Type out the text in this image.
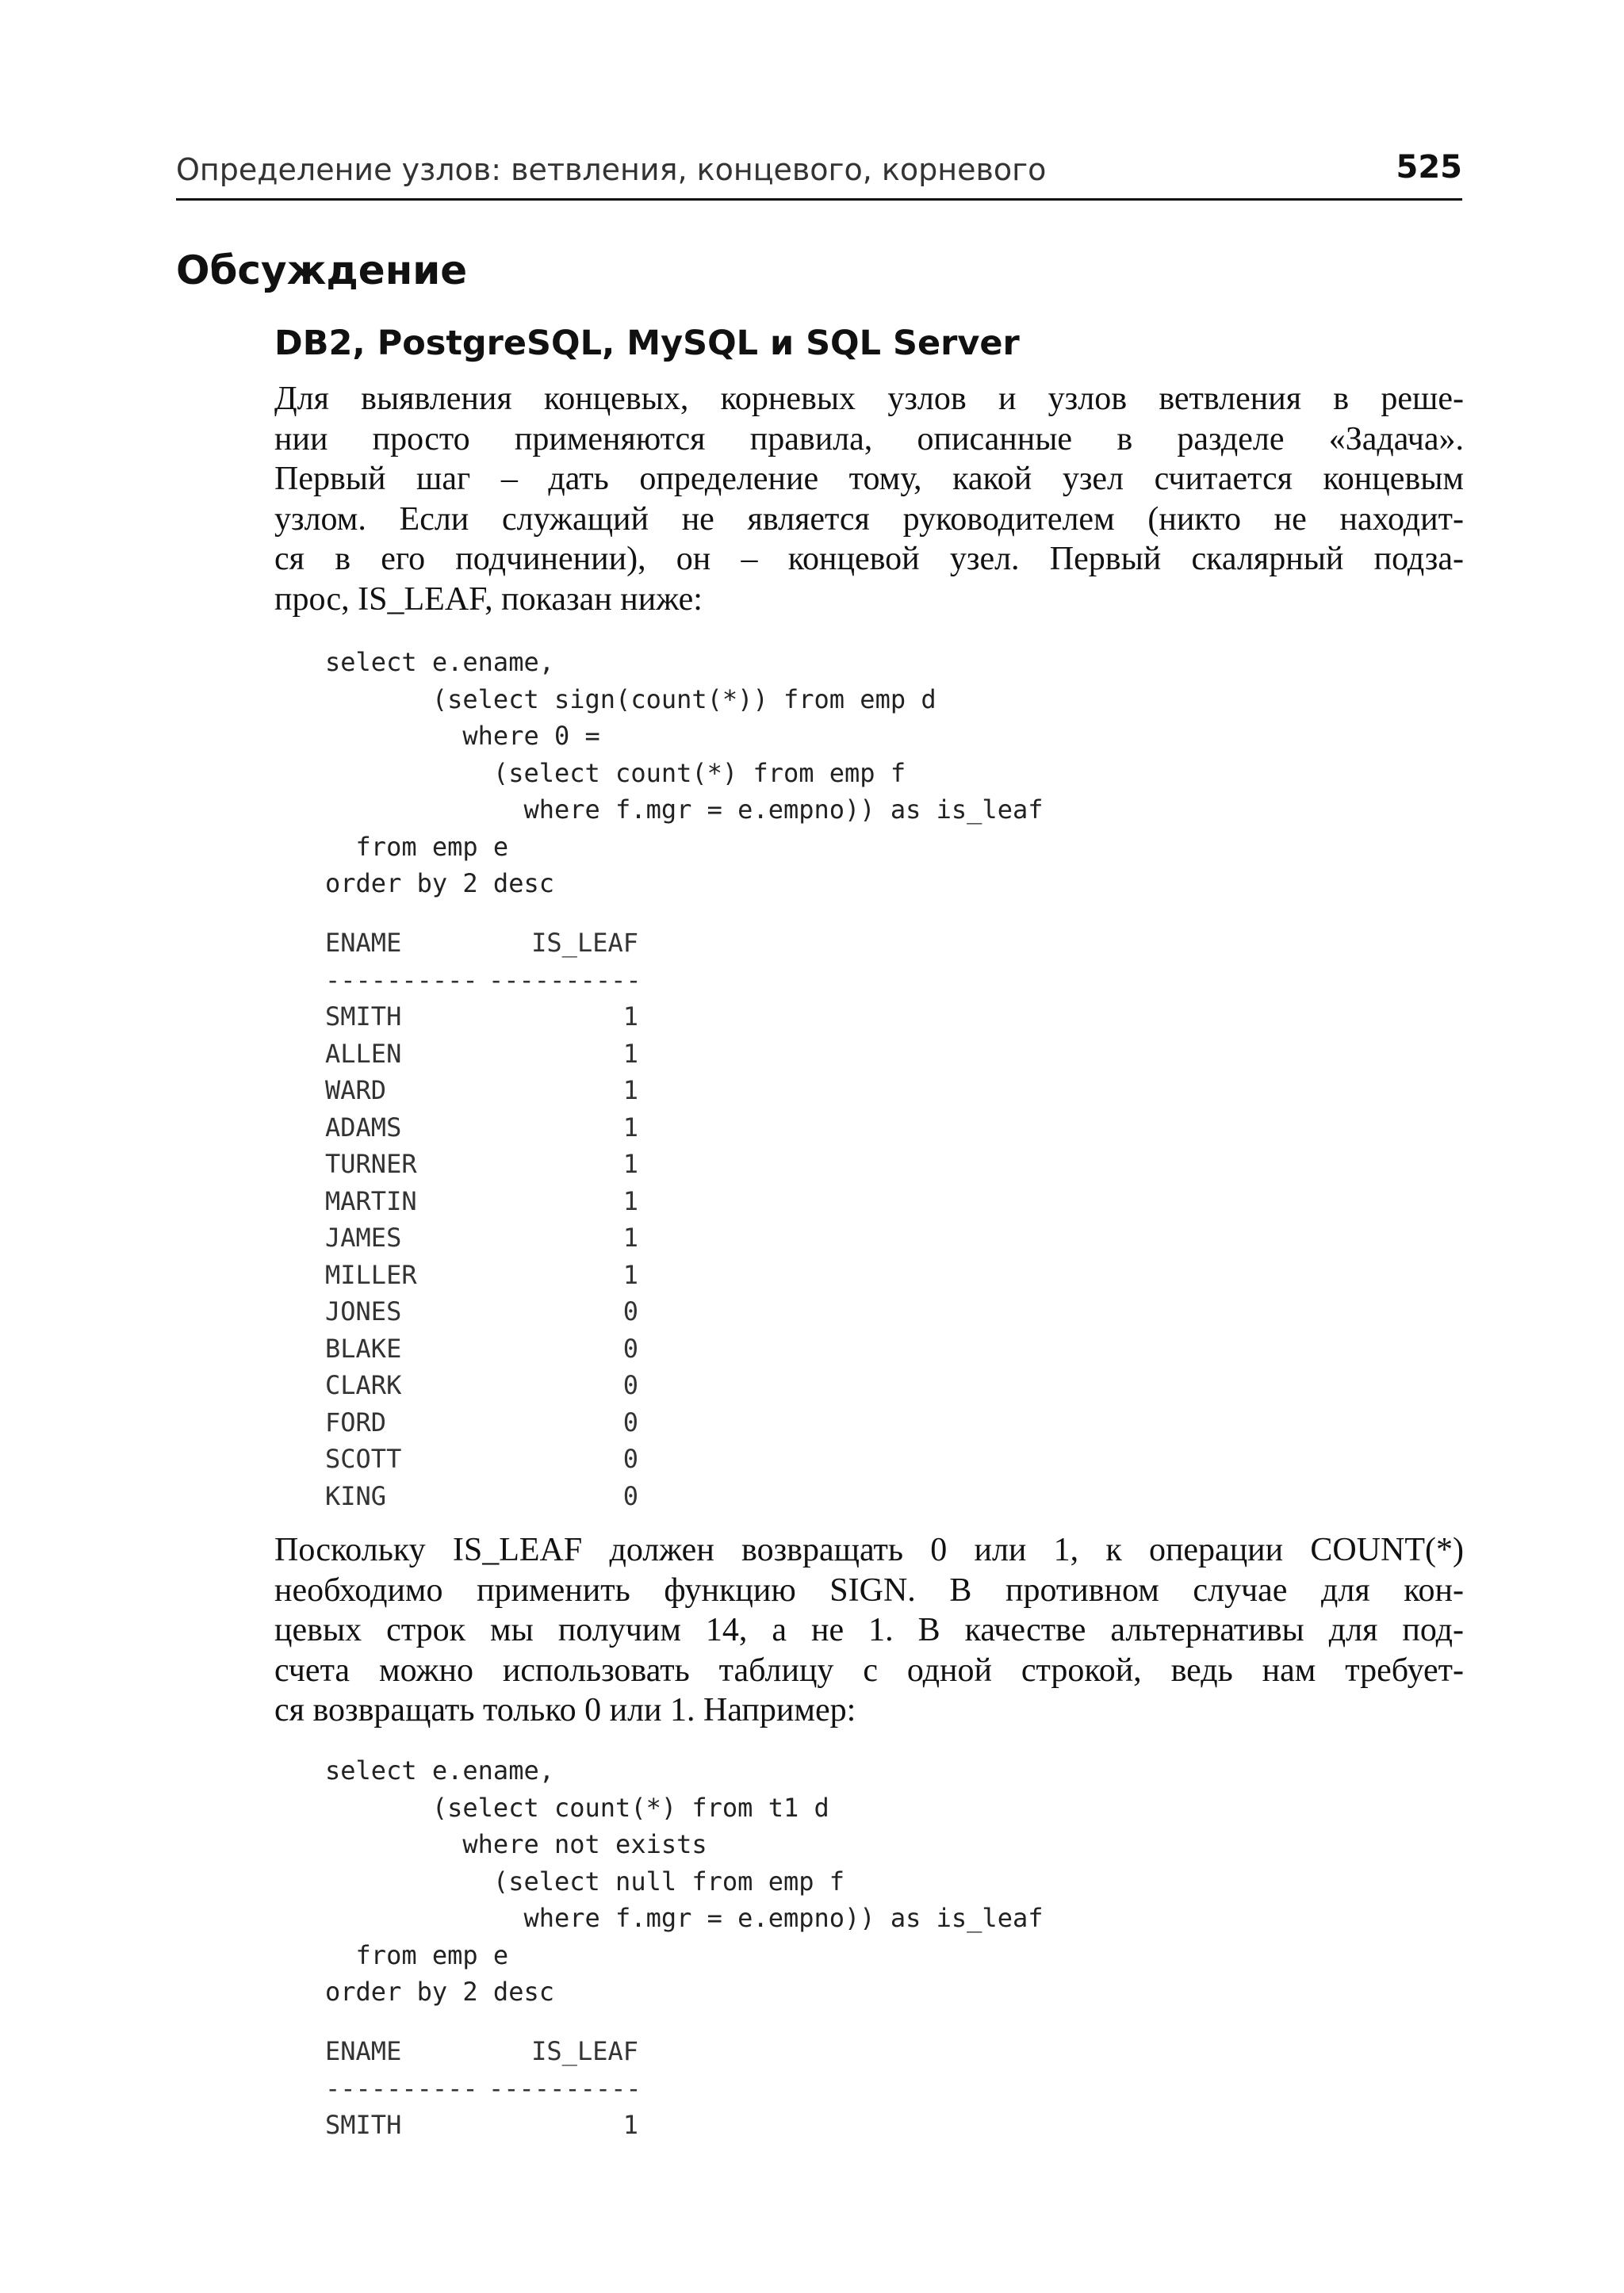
Определение узлов: ветвления, концевого, корневого	525
Обсуждение
DB2, PostgreSQL, MySQL и SQL Server
Для выявления концевых, корневых узлов и узлов ветвления в реше-
нии просто применяются правила, описанные в разделе «Задача».
Первый шаг – дать определение тому, какой узел считается концевым
узлом. Если служащий не является руководителем (никто не находит-
ся в его подчинении), он – концевой узел. Первый скалярный подза-
прос, IS_LEAF, показан ниже:
select e.ename,
(select sign(count(*)) from emp d
where 0 =
(select count(*) from emp f
where f.mgr = e.empno)) as is_leaf
from emp e
order by 2 desc
ENAME	IS_LEAF
---------- ----------
SMITH	1
ALLEN	1
WARD	1
ADAMS	1
TURNER	1
MARTIN	1
JAMES	1
MILLER	1
JONES	0
BLAKE	0
CLARK	0
FORD	0
SCOTT	0
KING	0
Поскольку IS_LEAF должен возвращать 0 или 1, к операции COUNT(*)
необходимо применить функцию SIGN. В противном случае для кон-
цевых строк мы получим 14, а не 1. В качестве альтернативы для под-
счета можно использовать таблицу с одной строкой, ведь нам требует-
ся возвращать только 0 или 1. Например:
select e.ename,
(select count(*) from t1 d
where not exists
(select null from emp f
where f.mgr = e.empno)) as is_leaf
from emp e
order by 2 desc
ENAME	IS_LEAF
---------- ----------
SMITH	1
